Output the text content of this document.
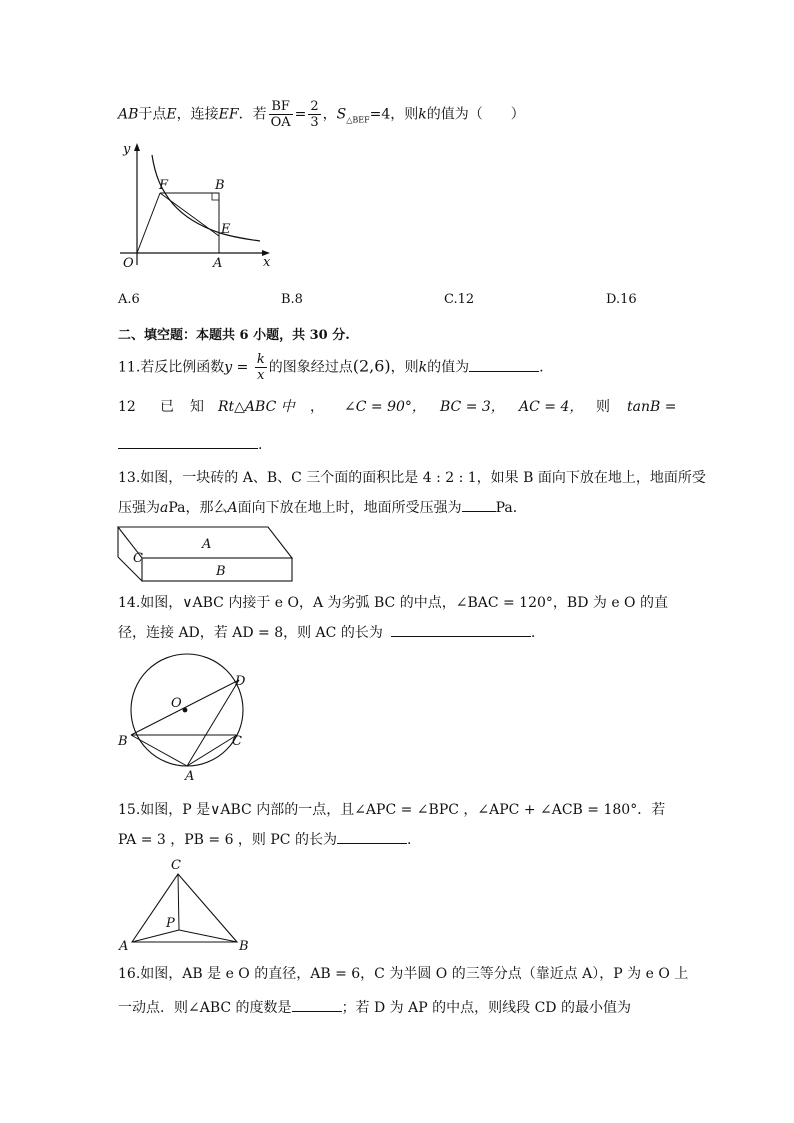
AB于点E，连接EF．若 $\frac{BF}{OA} = \frac{2}{3}$ ，$S_{\triangle BEF}=4$，则k的值为（　　）
y
x
O	A
B
E
F
A.6	B.8	C.12	D.16
二、填空题：本题共 6 小题，共 30 分.
11.若反比例函数$y = \frac{k}{x}$ 的图象经过点(2,6)，则k的值为	.
12 已 知 Rt△ABC 中 ， ∠C = 90°， BC = 3， AC = 4， 则 tanB =
.
13.如图，一块砖的 A、B、C 三个面的面积比是 4 : 2 : 1，如果 B 面向下放在地上，地面所受
压强为aPa，那么A面向下放在地上时，地面所受压强为 Pa．
A
B
C
14.如图，∨ABC 内接于 e O，A 为劣弧 BC 的中点，∠BAC = 120°，BD 为 e O 的直
径，连接 AD，若 AD = 8，则 AC 的长为	.
O
D
B	C
A
15.如图，P 是∨ABC 内部的一点，且∠APC = ∠BPC ，∠APC + ∠ACB = 180°．若
PA = 3 ，PB = 6 ，则 PC 的长为	.
C
P
A	B
16.如图，AB 是 e O 的直径，AB = 6，C 为半圆 O 的三等分点（靠近点 A），P 为 e O 上
一动点．则∠ABC 的度数是	；若 D 为 AP 的中点，则线段 CD 的最小值为
